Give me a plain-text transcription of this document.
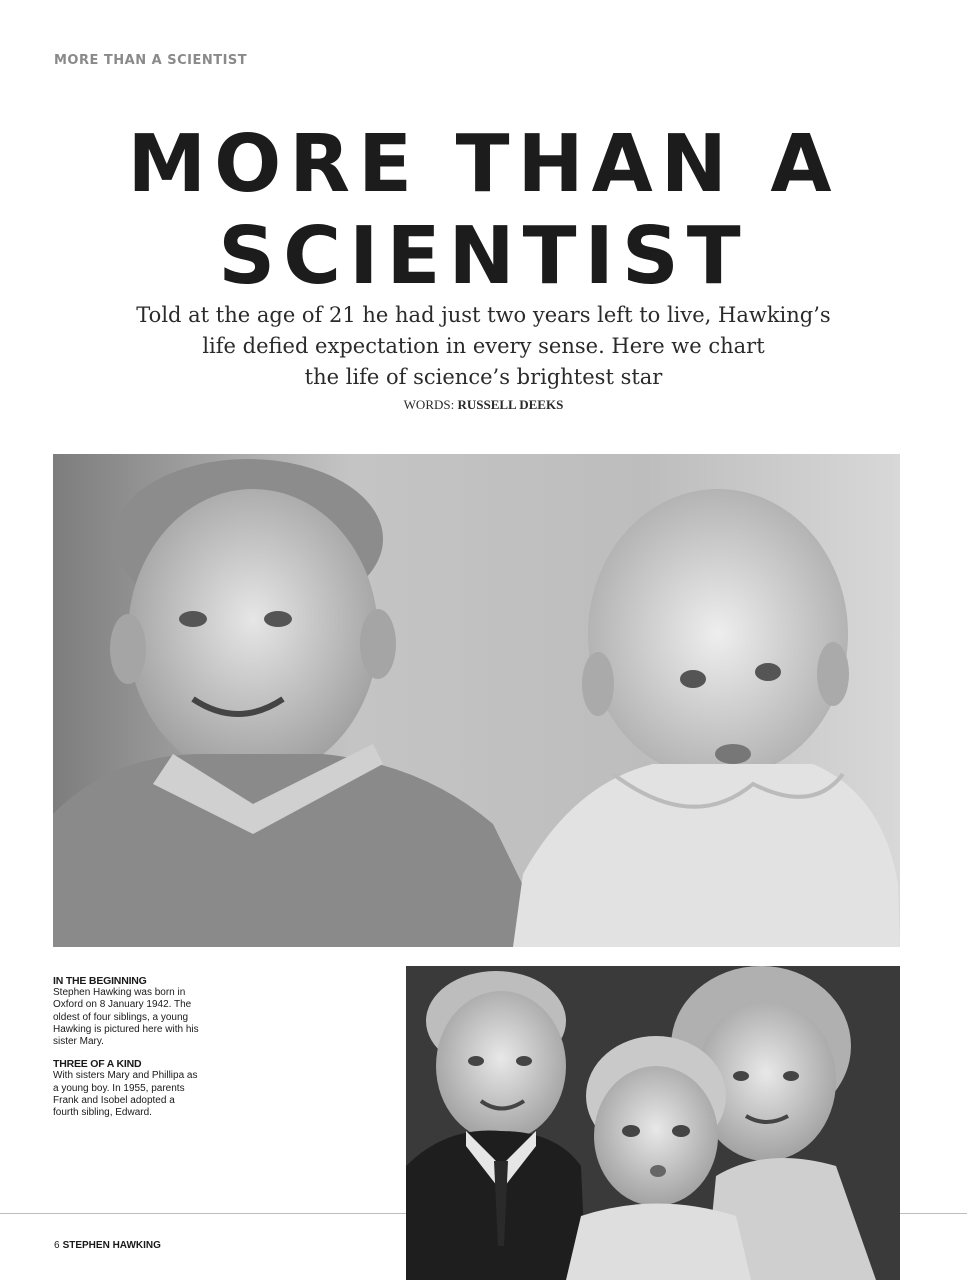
MORE THAN A SCIENTIST
MORE THAN A
SCIENTIST

Told at the age of 21 he had just two years left to live, Hawking’s
life defied expectation in every sense. Here we chart
the life of science’s brightest star

WORDS: RUSSELL DEEKS

IN THE BEGINNING

Stephen Hawking was born in Oxford on 8 January 1942. The oldest of four siblings, a young Hawking is pictured here with his sister Mary.

THREE OF A KIND

With sisters Mary and Phillipa as a young boy. In 1955, parents Frank and Isobel adopted a fourth sibling, Edward.

6 STEPHEN HAWKING
